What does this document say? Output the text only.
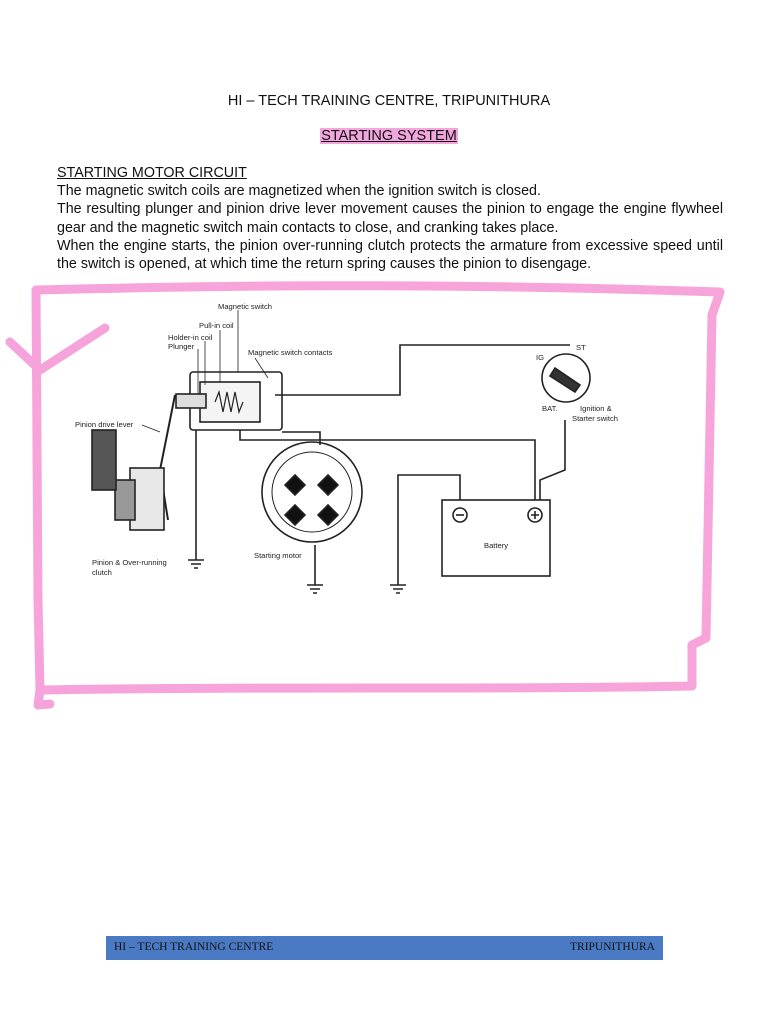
HI – TECH TRAINING CENTRE, TRIPUNITHURA
STARTING SYSTEM
STARTING MOTOR CIRCUIT
The magnetic switch coils are magnetized when the ignition switch is closed.
The resulting plunger and pinion drive lever movement causes the pinion to engage the engine flywheel gear and the magnetic switch main contacts to close, and cranking takes place.
When the engine starts, the pinion over-running clutch protects the armature from excessive speed until the switch is opened, at which time the return spring causes the pinion to disengage.
Magnetic switch
Pull-in coil
Holder-in coil
Plunger
Magnetic switch contacts
Pinion drive lever
Pinion & Over-running
clutch
Starting motor
Battery
IG
ST
BAT.	Ignition &
Starter switch
HI – TECH TRAINING CENTRE	TRIPUNITHURA
